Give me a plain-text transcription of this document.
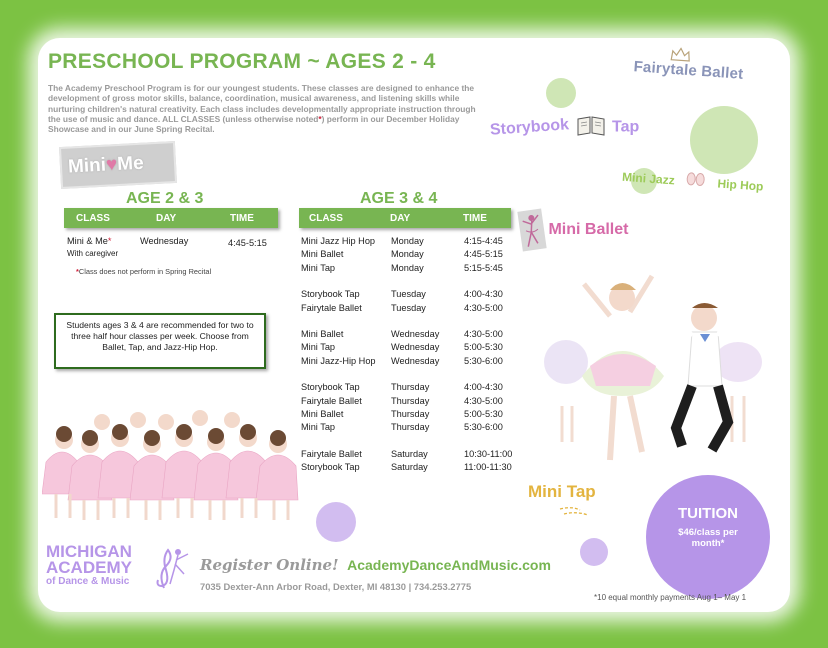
PRESCHOOL PROGRAM ~ AGES 2 - 4
The Academy Preschool Program is for our youngest students. These classes are designed to enhance the development of gross motor skills, balance, coordination, musical awareness, and listening skills while nurturing children's natural creativity. Each class includes developmentally appropriate instruction through the use of music and dance. ALL CLASSES (unless otherwise noted*) perform in our December Holiday Showcase and in our June Spring Recital.
Mini♥Me
Fairytale Ballet
Storybook	Tap
Mini Jazz	Hip Hop
Mini Ballet
Mini Tap
AGE 2 & 3
CLASS	DAY	TIME
Mini & Me*
With caregiver
Wednesday	4:45-5:15
*Class does not perform in Spring Recital
Students ages 3 & 4 are recommended for two to three half hour classes per week. Choose from Ballet, Tap, and Jazz-Hip Hop.
AGE 3 & 4
CLASS	DAY	TIME
Mini Jazz Hip Hop Monday	4:15-4:45
Mini Ballet	Monday	4:45-5:15
Mini Tap	Monday	5:15-5:45
Storybook Tap	Tuesday	4:00-4:30
Fairytale Ballet	Tuesday	4:30-5:00
Mini Ballet	Wednesday	4:30-5:00
Mini Tap	Wednesday	5:00-5:30
Mini Jazz-Hip Hop Wednesday	5:30-6:00
Storybook Tap	Thursday	4:00-4:30
Fairytale Ballet	Thursday	4:30-5:00
Mini Ballet	Thursday	5:00-5:30
Mini Tap	Thursday	5:30-6:00
Fairytale Ballet	Saturday	10:30-11:00
Storybook Tap	Saturday	11:00-11:30
TUITION
$46/class per month*
MICHIGAN
ACADEMY
of Dance & Music
Register Online! AcademyDanceAndMusic.com
7035 Dexter-Ann Arbor Road, Dexter, MI 48130 | 734.253.2775
*10 equal monthly payments Aug 1– May 1
